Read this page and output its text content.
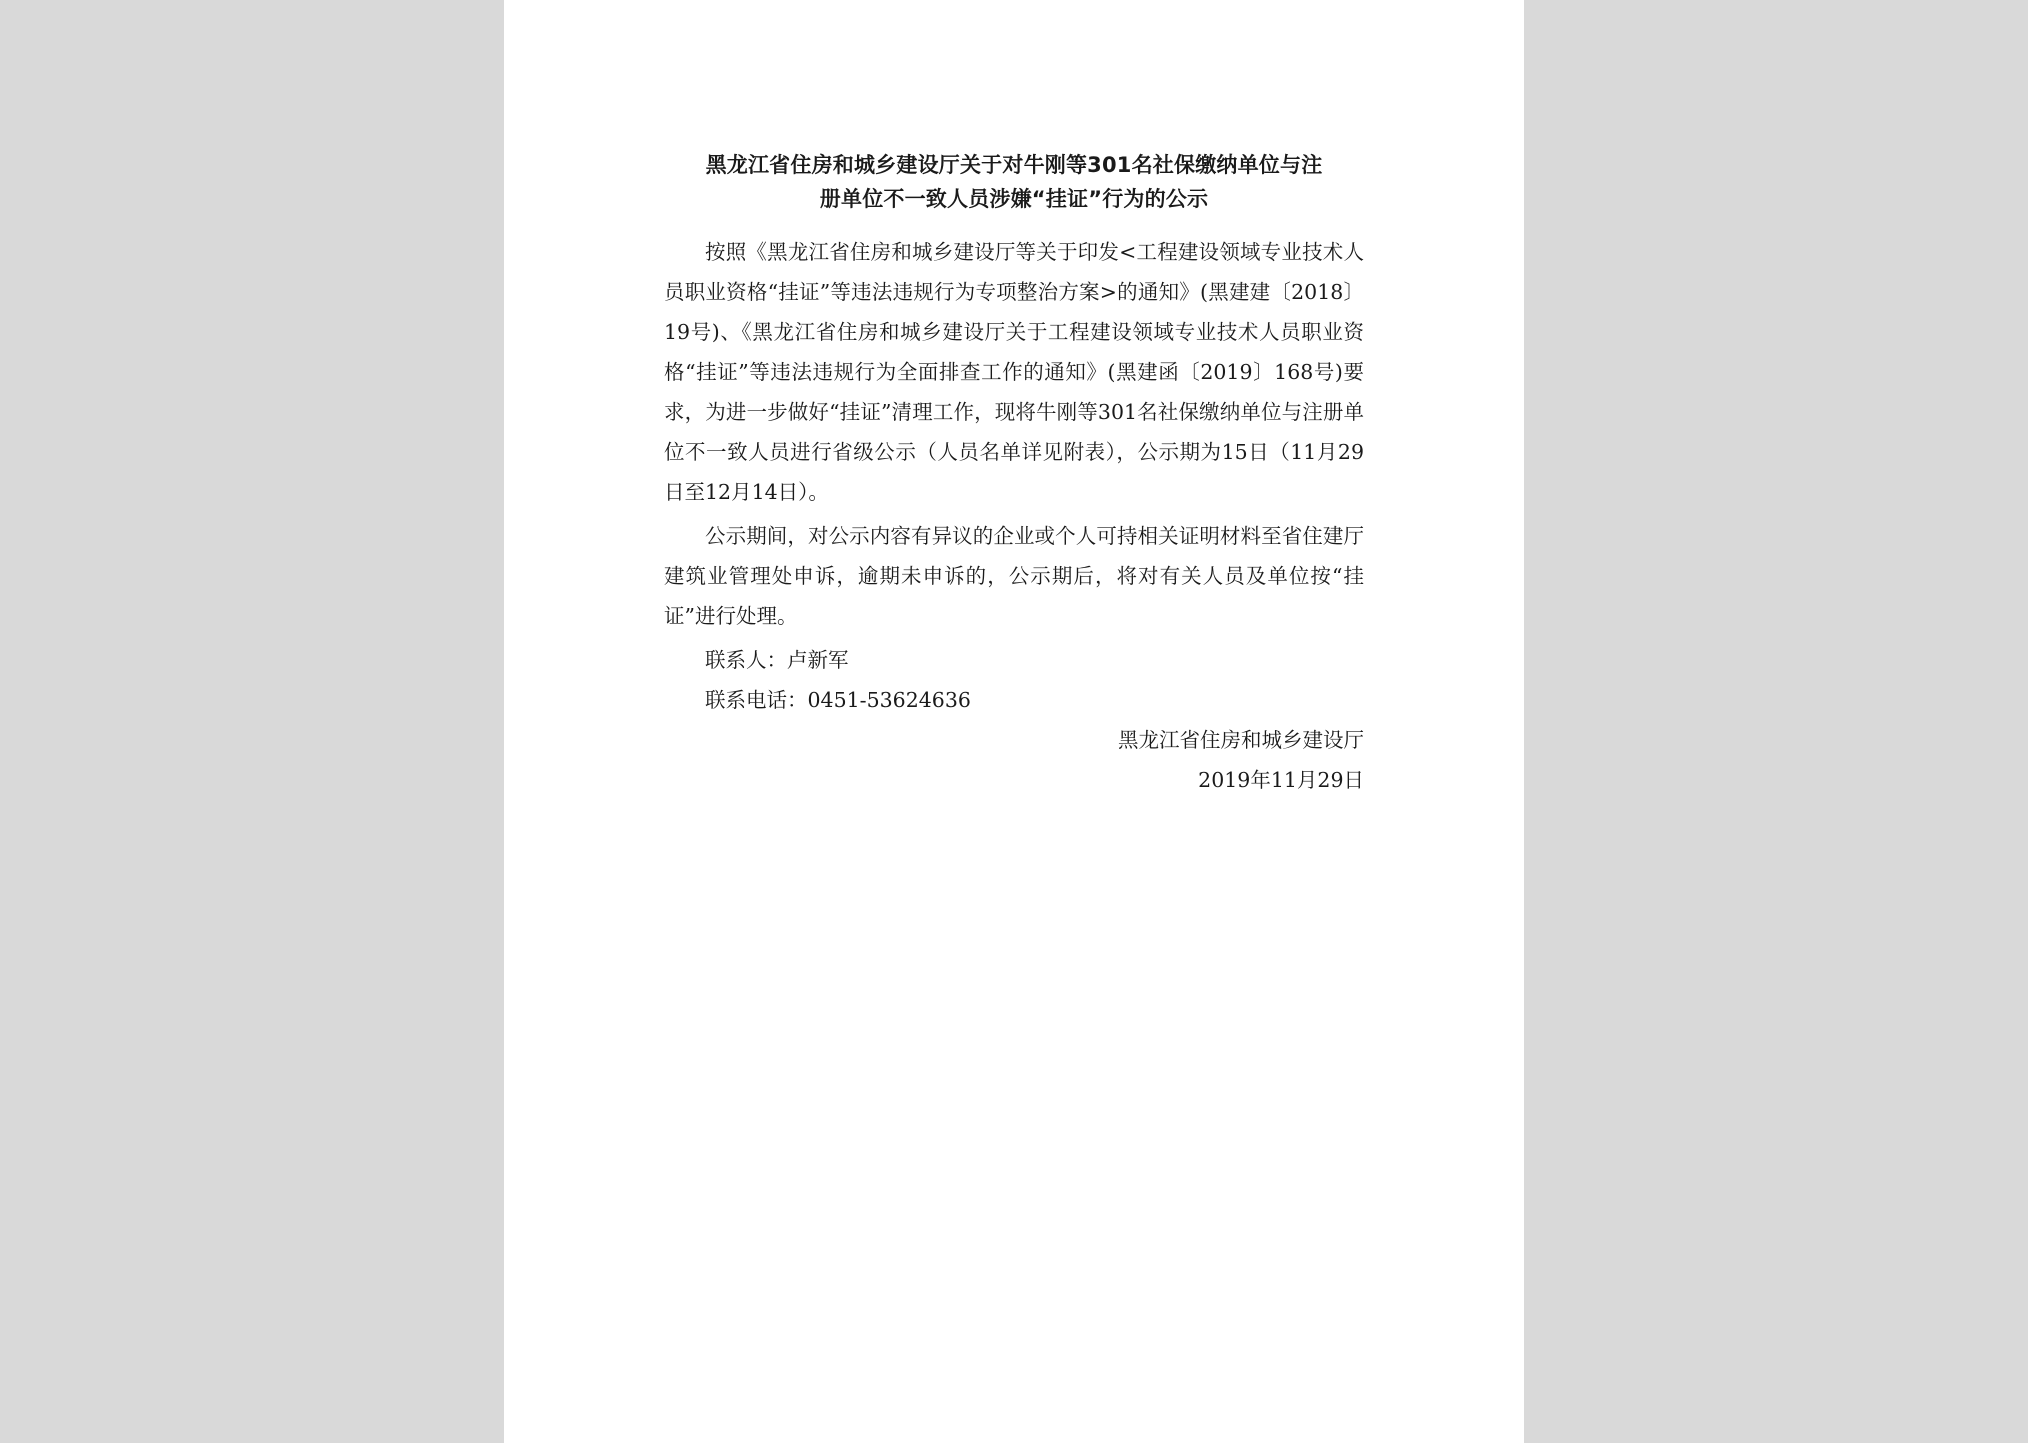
黑龙江省住房和城乡建设厅关于对牛刚等301名社保缴纳单位与注
册单位不一致人员涉嫌“挂证”行为的公示

按照《黑龙江省住房和城乡建设厅等关于印发<工程建设领域专业技术人员职业资格“挂证”等违法违规行为专项整治方案>的通知》(黑建建〔2018〕19号)、《黑龙江省住房和城乡建设厅关于工程建设领域专业技术人员职业资格“挂证”等违法违规行为全面排查工作的通知》(黑建函〔2019〕168号)要求，为进一步做好“挂证”清理工作，现将牛刚等301名社保缴纳单位与注册单位不一致人员进行省级公示（人员名单详见附表），公示期为15日（11月29日至12月14日）。

公示期间，对公示内容有异议的企业或个人可持相关证明材料至省住建厅建筑业管理处申诉，逾期未申诉的，公示期后，将对有关人员及单位按“挂证”进行处理。

联系人：卢新军

联系电话：0451-53624636

黑龙江省住房和城乡建设厅

2019年11月29日
